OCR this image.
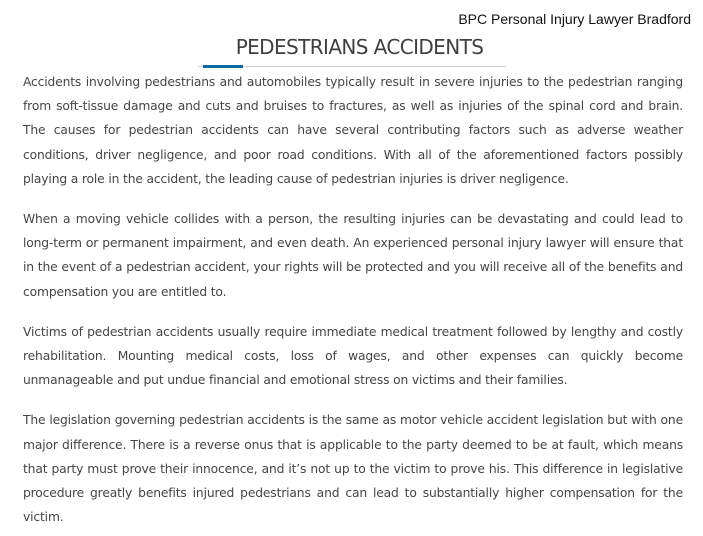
BPC Personal Injury Lawyer Bradford
PEDESTRIANS ACCIDENTS

Accidents involving pedestrians and automobiles typically result in severe injuries to the pedestrian ranging from soft-tissue damage and cuts and bruises to fractures, as well as injuries of the spinal cord and brain. The causes for pedestrian accidents can have several contributing factors such as adverse weather conditions, driver negligence, and poor road conditions. With all of the aforementioned factors possibly playing a role in the accident, the leading cause of pedestrian injuries is driver negligence.

When a moving vehicle collides with a person, the resulting injuries can be devastating and could lead to long-term or permanent impairment, and even death. An experienced personal injury lawyer will ensure that in the event of a pedestrian accident, your rights will be protected and you will receive all of the benefits and compensation you are entitled to.

Victims of pedestrian accidents usually require immediate medical treatment followed by lengthy and costly rehabilitation. Mounting medical costs, loss of wages, and other expenses can quickly become unmanageable and put undue financial and emotional stress on victims and their families.

The legislation governing pedestrian accidents is the same as motor vehicle accident legislation but with one major difference. There is a reverse onus that is applicable to the party deemed to be at fault, which means that party must prove their innocence, and it’s not up to the victim to prove his. This difference in legislative procedure greatly benefits injured pedestrians and can lead to substantially higher compensation for the victim.
